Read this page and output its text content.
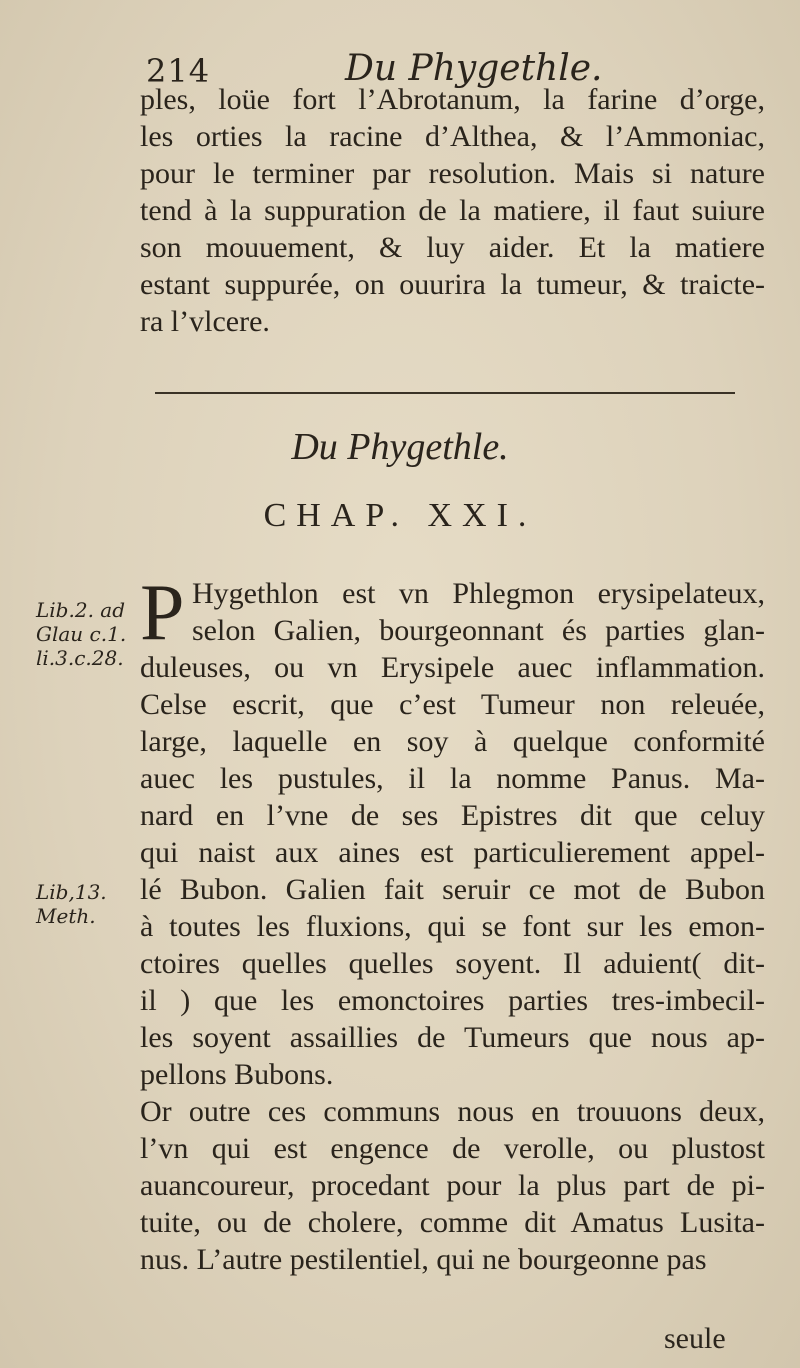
214	Du Phygethle.
ples, loüe fort l’Abrotanum, la farine d’orge,
les orties la racine d’Althea, & l’Ammoniac,
pour le terminer par resolution. Mais si nature
tend à la suppuration de la matiere, il faut suiure
son mouuement, & luy aider. Et la matiere
estant suppurée, on ouurira la tumeur, & traicte-
ra l’vlcere.
Du Phygethle.
CHAP. XXI.
P Hygethlon est vn Phlegmon erysipelateux,
selon Galien, bourgeonnant és parties glan-
duleuses, ou vn Erysipele auec inflammation.
Celse escrit, que c’est Tumeur non releuée,
large, laquelle en soy à quelque conformité
auec les pustules, il la nomme Panus. Ma-
nard en l’vne de ses Epistres dit que celuy
qui naist aux aines est particulierement appel-
lé Bubon. Galien fait seruir ce mot de Bubon
à toutes les fluxions, qui se font sur les emon-
ctoires quelles quelles soyent. Il aduient( dit-
il ) que les emonctoires parties tres-imbecil-
les soyent assaillies de Tumeurs que nous ap-
pellons Bubons.
Or outre ces communs nous en trouuons deux,
l’vn qui est engence de verolle, ou plustost
auancoureur, procedant pour la plus part de pi-
tuite, ou de cholere, comme dit Amatus Lusita-
nus. L’autre pestilentiel, qui ne bourgeonne pas
Lib.2. ad
Glau c.1.
li.3.c.28.
Lib,13.
Meth.
seule
